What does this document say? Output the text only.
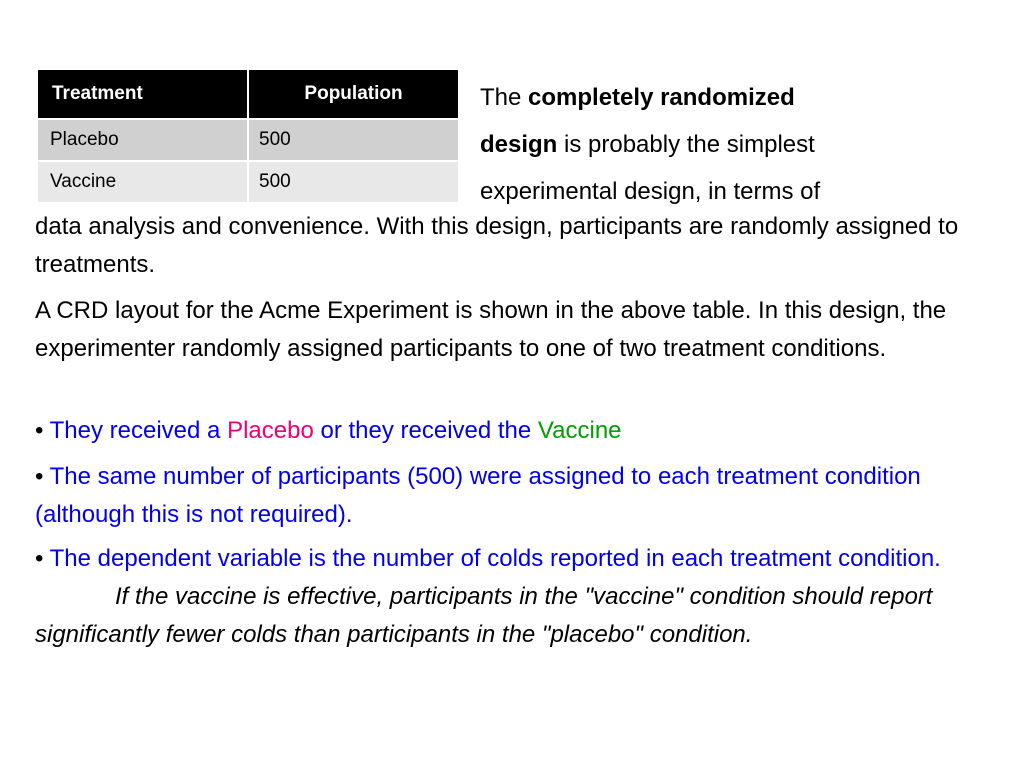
Treatment	Population
Placebo	500
Vaccine	500

The completely randomized
design is probably the simplest
experimental design, in terms of

data analysis and convenience. With this design, participants are randomly assigned to treatments.

A CRD layout for the Acme Experiment is shown in the above table. In this design, the experimenter randomly assigned participants to one of two treatment conditions.

• They received a Placebo or they received the Vaccine

• The same number of participants (500) were assigned to each treatment condition (although this is not required).

• The dependent variable is the number of colds reported in each treatment condition.If the vaccine is effective, participants in the "vaccine" condition should report significantly fewer colds than participants in the "placebo" condition.
